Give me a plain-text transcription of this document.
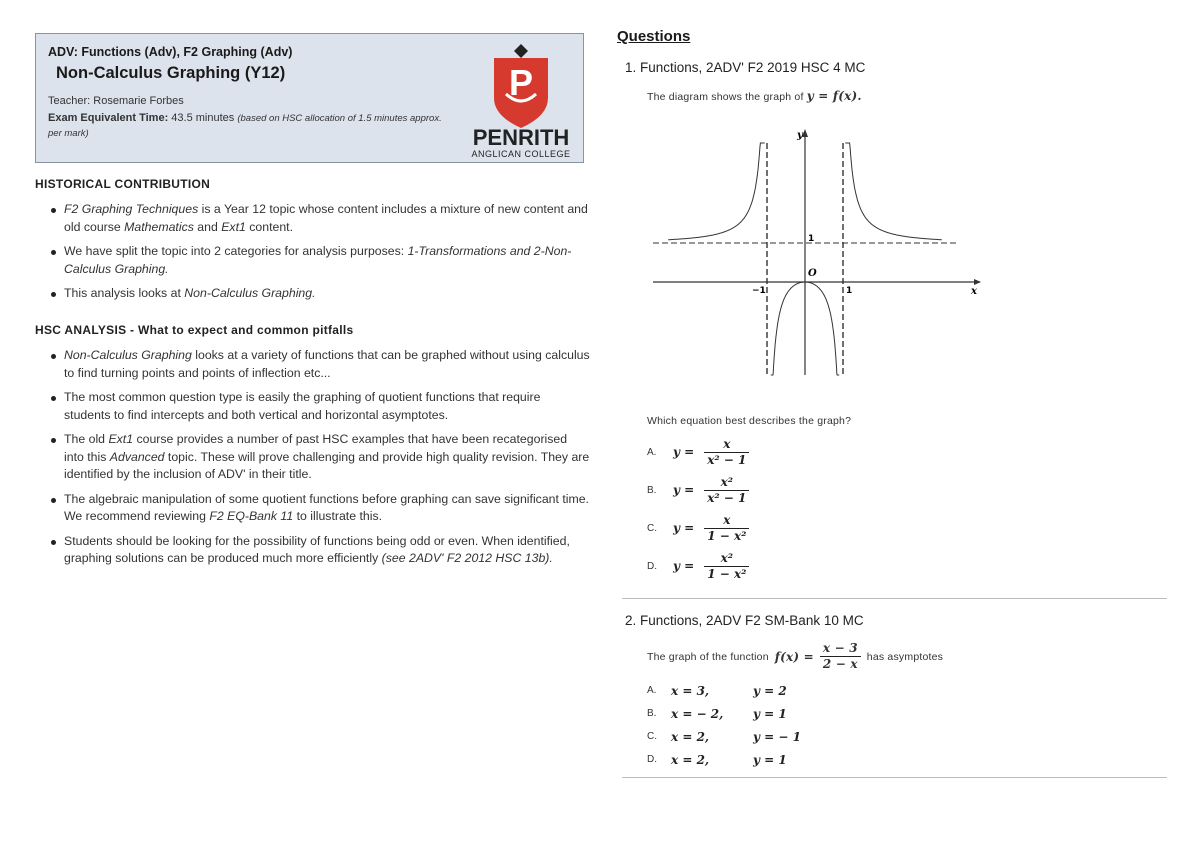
ADV: Functions (Adv), F2 Graphing (Adv)
Non-Calculus Graphing (Y12)
Teacher: Rosemarie Forbes
Exam Equivalent Time: 43.5 minutes (based on HSC allocation of 1.5 minutes approx. per mark)
P
PENRITH
ANGLICAN COLLEGE
HISTORICAL CONTRIBUTION
F2 Graphing Techniques is a Year 12 topic whose content includes a mixture of new content and old course Mathematics and Ext1 content.
We have split the topic into 2 categories for analysis purposes: 1-Transformations and 2-Non-Calculus Graphing.
This analysis looks at Non-Calculus Graphing.
HSC ANALYSIS - What to expect and common pitfalls
Non-Calculus Graphing looks at a variety of functions that can be graphed without using calculus to find turning points and points of inflection etc...
The most common question type is easily the graphing of quotient functions that require students to find intercepts and both vertical and horizontal asymptotes.
The old Ext1 course provides a number of past HSC examples that have been recategorised into this Advanced topic. These will prove challenging and provide high quality revision. They are identified by the inclusion of ADV' in their title.
The algebraic manipulation of some quotient functions before graphing can save significant time. We recommend reviewing F2 EQ-Bank 11 to illustrate this.
Students should be looking for the possibility of functions being odd or even. When identified, graphing solutions can be produced much more efficiently (see 2ADV' F2 2012 HSC 13b).
Questions
1. Functions, 2ADV' F2 2019 HSC 4 MC
The diagram shows the graph of y = f(x).
y
x
O
1
−1	1
Which equation best describes the graph?
A.	$y = \frac{x}{\text{x² − 1}}$
B.	$y = \frac{\text{x²}}{\text{x² − 1}}$
C.	$y = \frac{x}{\text{1 − x²}}$
D.	$y = \frac{\text{x²}}{\text{1 − x²}}$
2. Functions, 2ADV F2 SM-Bank 10 MC
The graph of the function $f(x) = \frac{x - 3}{2 - x}$ has asymptotes
A.	x = 3,	y = 2
B.	x = − 2,	y = 1
C.	x = 2,	y = − 1
D.	x = 2,	y = 1
